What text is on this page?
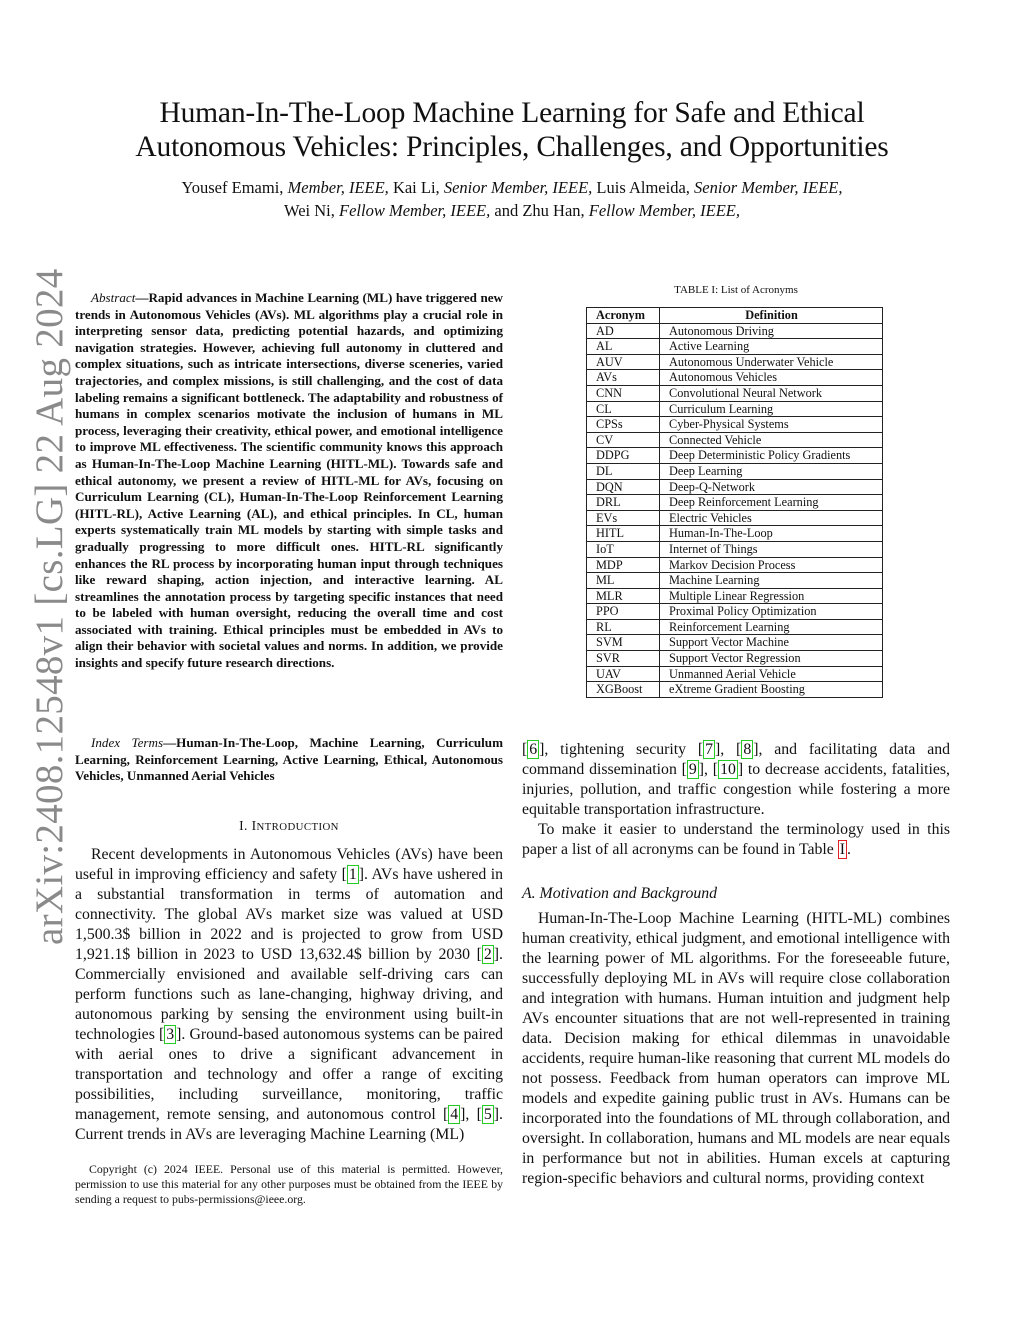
arXiv:2408.12548v1 [cs.LG] 22 Aug 2024
Human-In-The-Loop Machine Learning for Safe and Ethical
Autonomous Vehicles: Principles, Challenges, and Opportunities
Yousef Emami, Member, IEEE, Kai Li, Senior Member, IEEE, Luis Almeida, Senior Member, IEEE,
Wei Ni, Fellow Member, IEEE, and Zhu Han, Fellow Member, IEEE,
Abstract—Rapid advances in Machine Learning (ML) have triggered new trends in Autonomous Vehicles (AVs). ML algorithms play a crucial role in interpreting sensor data, predicting potential hazards, and optimizing navigation strategies. However, achieving full autonomy in cluttered and complex situations, such as intricate intersections, diverse sceneries, varied trajectories, and complex missions, is still challenging, and the cost of data labeling remains a significant bottleneck. The adaptability and robustness of humans in complex scenarios motivate the inclusion of humans in ML process, leveraging their creativity, ethical power, and emotional intelligence to improve ML effectiveness. The scientific community knows this approach as Human-In-The-Loop Machine Learning (HITL-ML). Towards safe and ethical autonomy, we present a review of HITL-ML for AVs, focusing on Curriculum Learning (CL), Human-In-The-Loop Reinforcement Learning (HITL-RL), Active Learning (AL), and ethical principles. In CL, human experts systematically train ML models by starting with simple tasks and gradually progressing to more difficult ones. HITL-RL significantly enhances the RL process by incorporating human input through techniques like reward shaping, action injection, and interactive learning. AL streamlines the annotation process by targeting specific instances that need to be labeled with human oversight, reducing the overall time and cost associated with training. Ethical principles must be embedded in AVs to align their behavior with societal values and norms. In addition, we provide insights and specify future research directions.
Index Terms—Human-In-The-Loop, Machine Learning, Curriculum Learning, Reinforcement Learning, Active Learning, Ethical, Autonomous Vehicles, Unmanned Aerial Vehicles
I. INTRODUCTION
Recent developments in Autonomous Vehicles (AVs) have been useful in improving efficiency and safety [ 1 ]. AVs have ushered in a substantial transformation in terms of automation and connectivity. The global AVs market size was valued at USD 1,500.3$ billion in 2022 and is projected to grow from USD 1,921.1$ billion in 2023 to USD 13,632.4$ billion by 2030 [ 2 ]. Commercially envisioned and available self-driving cars can perform functions such as lane-changing, highway driving, and autonomous parking by sensing the environment using built-in technologies [ 3 ]. Ground-based autonomous systems can be paired with aerial ones to drive a significant advancement in transportation and technology and offer a range of exciting possibilities, including surveillance, monitoring, traffic management, remote sensing, and autonomous control [ 4 ], [ 5 ]. Current trends in AVs are leveraging Machine Learning (ML)
Copyright (c) 2024 IEEE. Personal use of this material is permitted. However, permission to use this material for any other purposes must be obtained from the IEEE by sending a request to pubs-permissions@ieee.org.
TABLE I: List of Acronyms
Acronym	Definition
AD	Autonomous Driving
AL	Active Learning
AUV	Autonomous Underwater Vehicle
AVs	Autonomous Vehicles
CNN	Convolutional Neural Network
CL	Curriculum Learning
CPSs	Cyber-Physical Systems
CV	Connected Vehicle
DDPG	Deep Deterministic Policy Gradients
DL	Deep Learning
DQN	Deep-Q-Network
DRL	Deep Reinforcement Learning
EVs	Electric Vehicles
HITL	Human-In-The-Loop
IoT	Internet of Things
MDP	Markov Decision Process
ML	Machine Learning
MLR	Multiple Linear Regression
PPO	Proximal Policy Optimization
RL	Reinforcement Learning
SVM	Support Vector Machine
SVR	Support Vector Regression
UAV	Unmanned Aerial Vehicle
XGBoost	eXtreme Gradient Boosting
[ 6 ], tightening security [ 7 ], [ 8 ], and facilitating data and command dissemination [ 9 ], [ 10 ] to decrease accidents, fatalities, injuries, pollution, and traffic congestion while fostering a more equitable transportation infrastructure.
To make it easier to understand the terminology used in this paper a list of all acronyms can be found in Table I .
A. Motivation and Background
Human-In-The-Loop Machine Learning (HITL-ML) combines human creativity, ethical judgment, and emotional intelligence with the learning power of ML algorithms. For the foreseeable future, successfully deploying ML in AVs will require close collaboration and integration with humans. Human intuition and judgment help AVs encounter situations that are not well-represented in training data. Decision making for ethical dilemmas in unavoidable accidents, require human-like reasoning that current ML models do not possess. Feedback from human operators can improve ML models and expedite gaining public trust in AVs. Humans can be incorporated into the foundations of ML through collaboration, and oversight. In collaboration, humans and ML models are near equals in performance but not in abilities. Human excels at capturing region-specific behaviors and cultural norms, providing context
